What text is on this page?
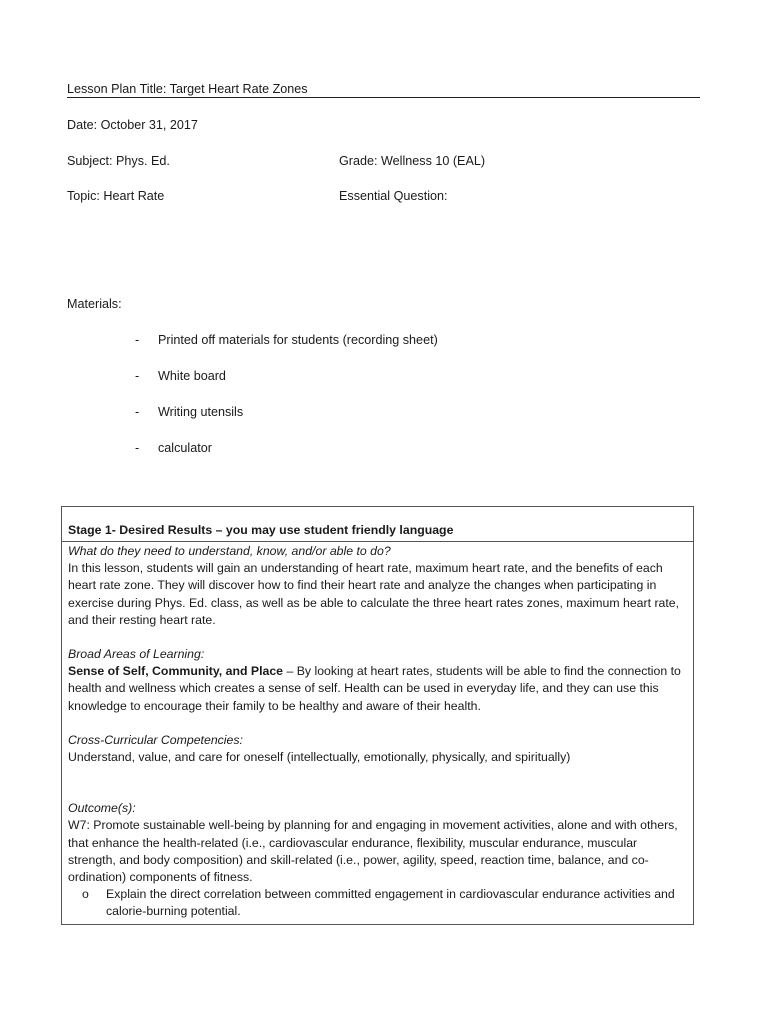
Lesson Plan Title: Target Heart Rate Zones
Date: October 31, 2017
Subject: Phys. Ed.	Grade: Wellness 10 (EAL)
Topic: Heart Rate	Essential Question:
Materials:
- Printed off materials for students (recording sheet)
- White board
- Writing utensils
- calculator
Stage 1- Desired Results – you may use student friendly language
What do they need to understand, know, and/or able to do?
In this lesson, students will gain an understanding of heart rate, maximum heart rate, and the benefits of each heart rate zone. They will discover how to find their heart rate and analyze the changes when participating in exercise during Phys. Ed. class, as well as be able to calculate the three heart rates zones, maximum heart rate, and their resting heart rate.
Broad Areas of Learning:
Sense of Self, Community, and Place – By looking at heart rates, students will be able to find the connection to health and wellness which creates a sense of self. Health can be used in everyday life, and they can use this knowledge to encourage their family to be healthy and aware of their health.
Cross-Curricular Competencies:
Understand, value, and care for oneself (intellectually, emotionally, physically, and spiritually)
Outcome(s):
W7: Promote sustainable well-being by planning for and engaging in movement activities, alone and with others, that enhance the health-related (i.e., cardiovascular endurance, flexibility, muscular endurance, muscular strength, and body composition) and skill-related (i.e., power, agility, speed, reaction time, balance, and co-ordination) components of fitness.
o Explain the direct correlation between committed engagement in cardiovascular endurance activities and calorie-burning potential.
